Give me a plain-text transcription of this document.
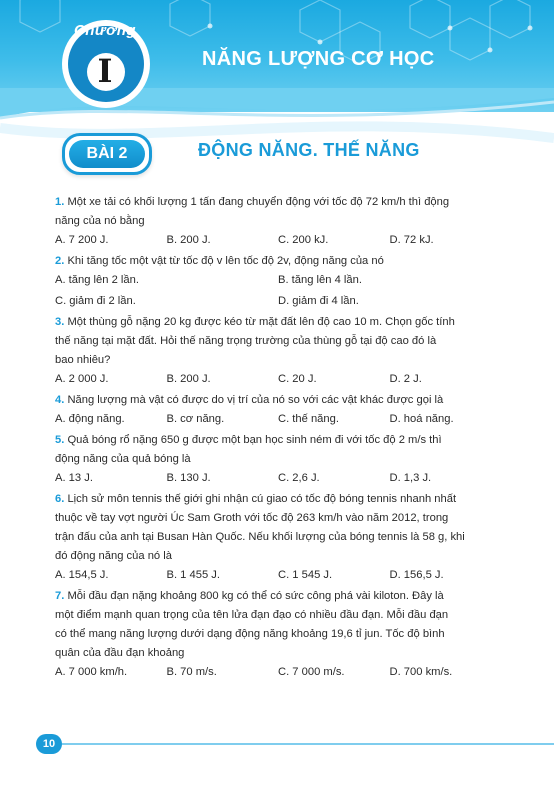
Chương
I	NĂNG LƯỢNG CƠ HỌC
BÀI 2	ĐỘNG NĂNG. THẾ NĂNG
1. Một xe tải có khối lượng 1 tấn đang chuyển động với tốc độ 72 km/h thì động
năng của nó bằng
A. 7 200 J.	B. 200 J.	C. 200 kJ.	D. 72 kJ.
2. Khi tăng tốc một vật từ tốc độ v lên tốc độ 2v, động năng của nó
A. tăng lên 2 lần.	B. tăng lên 4 lần.
C. giảm đi 2 lần.	D. giảm đi 4 lần.
3. Một thùng gỗ nặng 20 kg được kéo từ mặt đất lên độ cao 10 m. Chọn gốc tính
thế năng tại mặt đất. Hỏi thế năng trọng trường của thùng gỗ tại độ cao đó là
bao nhiêu?
A. 2 000 J.	B. 200 J.	C. 20 J.	D. 2 J.
4. Năng lượng mà vật có được do vị trí của nó so với các vật khác được gọi là
A. động năng.	B. cơ năng.	C. thế năng.	D. hoá năng.
5. Quả bóng rổ nặng 650 g được một bạn học sinh ném đi với tốc độ 2 m/s thì
động năng của quả bóng là
A. 13 J.	B. 130 J.	C. 2,6 J.	D. 1,3 J.
6. Lịch sử môn tennis thế giới ghi nhận cú giao có tốc độ bóng tennis nhanh nhất
thuộc về tay vợt người Úc Sam Groth với tốc độ 263 km/h vào năm 2012, trong
trận đấu của anh tại Busan Hàn Quốc. Nếu khối lượng của bóng tennis là 58 g, khi
đó động năng của nó là
A. 154,5 J.	B. 1 455 J.	C. 1 545 J.	D. 156,5 J.
7. Mỗi đầu đạn nặng khoảng 800 kg có thể có sức công phá vài kiloton. Đây là
một điểm mạnh quan trọng của tên lửa đạn đạo có nhiều đầu đạn. Mỗi đầu đạn
có thể mang năng lượng dưới dạng động năng khoảng 19,6 tỉ jun. Tốc độ bình
quân của đầu đạn khoảng
A. 7 000 km/h.	B. 70 m/s.	C. 7 000 m/s.	D. 700 km/s.
10
